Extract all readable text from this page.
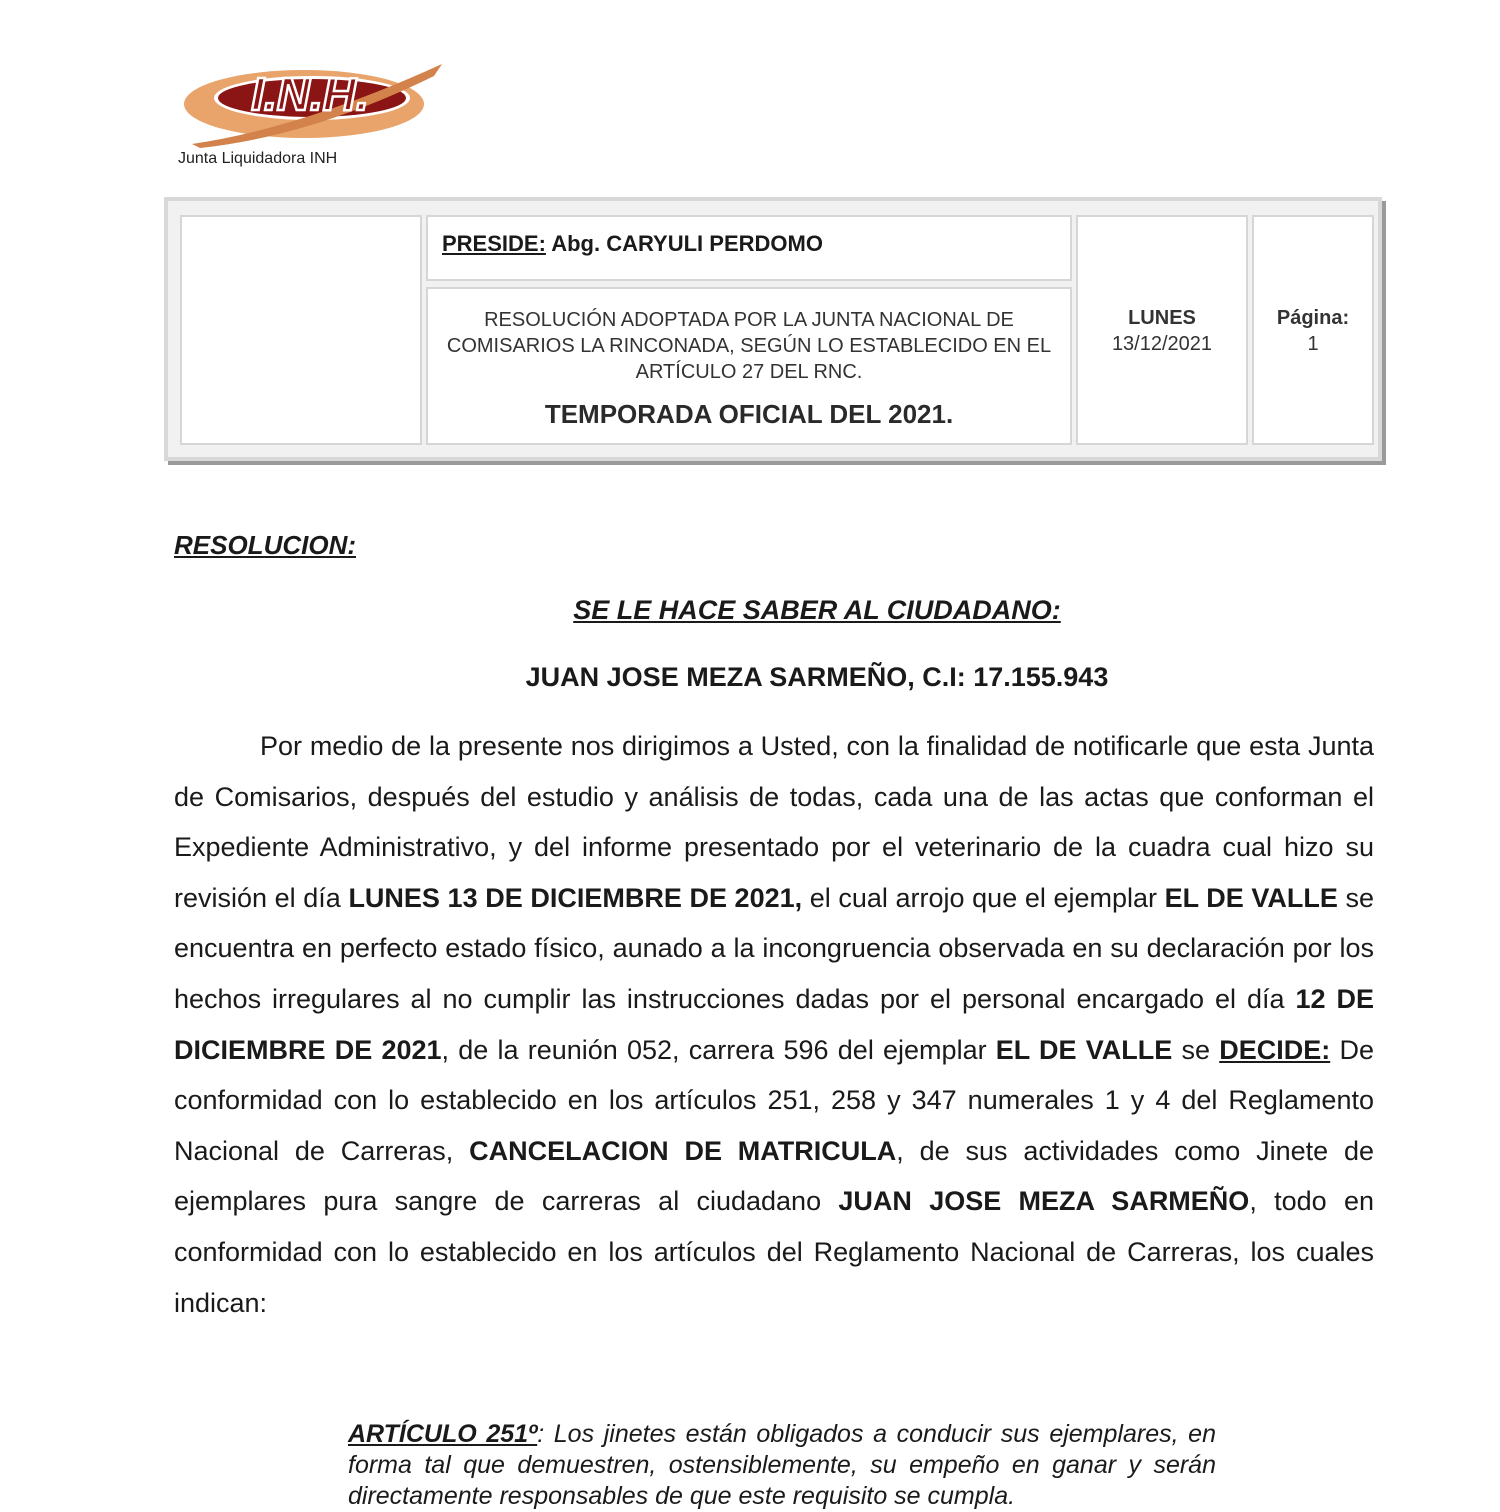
I.N.H.
Junta Liquidadora INH
PRESIDE: Abg. CARYULI PERDOMO
RESOLUCIÓN ADOPTADA POR LA JUNTA NACIONAL DE COMISARIOS LA RINCONADA, SEGÚN LO ESTABLECIDO EN EL ARTÍCULO 27 DEL RNC.
TEMPORADA OFICIAL DEL 2021.
LUNES
13/12/2021
Página:
1
RESOLUCION:
SE LE HACE SABER AL CIUDADANO:
JUAN JOSE MEZA SARMEÑO, C.I: 17.155.943

Por medio de la presente nos dirigimos a Usted, con la finalidad de notificarle que esta Junta de Comisarios, después del estudio y análisis de todas, cada una de las actas que conforman el Expediente Administrativo, y del informe presentado por el veterinario de la cuadra cual hizo su revisión el día LUNES 13 DE DICIEMBRE DE 2021, el cual arrojo que el ejemplar EL DE VALLE se encuentra en perfecto estado físico, aunado a la incongruencia observada en su declaración por los hechos irregulares al no cumplir las instrucciones dadas por el personal encargado el día 12 DE DICIEMBRE DE 2021, de la reunión 052, carrera 596 del ejemplar EL DE VALLE se DECIDE: De conformidad con lo establecido en los artículos 251, 258 y 347 numerales 1 y 4 del Reglamento Nacional de Carreras, CANCELACION DE MATRICULA, de sus actividades como Jinete de ejemplares pura sangre de carreras al ciudadano JUAN JOSE MEZA SARMEÑO, todo en conformidad con lo establecido en los artículos del Reglamento Nacional de Carreras, los cuales indican:

ARTÍCULO 251º: Los jinetes están obligados a conducir sus ejemplares, en forma tal que demuestren, ostensiblemente, su empeño en ganar y serán directamente responsables de que este requisito se cumpla.
